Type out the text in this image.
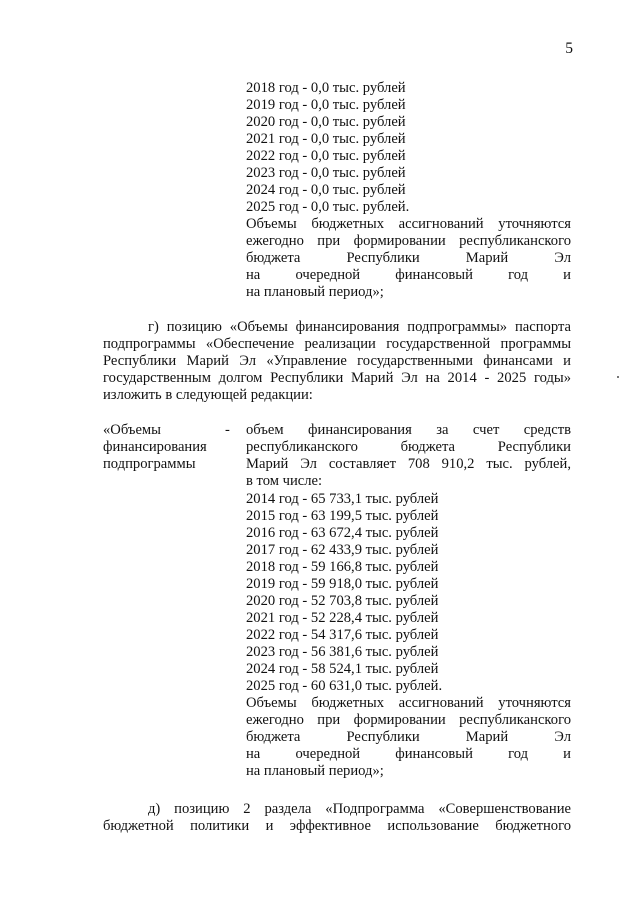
5
2018 год - 0,0 тыс. рублей
2019 год - 0,0 тыс. рублей
2020 год - 0,0 тыс. рублей
2021 год - 0,0 тыс. рублей
2022 год - 0,0 тыс. рублей
2023 год - 0,0 тыс. рублей
2024 год - 0,0 тыс. рублей
2025 год - 0,0 тыс. рублей.
Объемы бюджетных ассигнований уточняются
ежегодно при формировании республиканского
бюджета Республики Марий Эл
на очередной финансовый год и
на плановый период»;
г) позицию «Объемы финансирования подпрограммы» паспорта
подпрограммы «Обеспечение реализации государственной программы
Республики Марий Эл «Управление государственными финансами и
государственным долгом Республики Марий Эл на 2014 - 2025 годы»
изложить в следующей редакции:
«Объемы
финансирования
подпрограммы
- объем финансирования за счет средств
республиканского бюджета Республики
Марий Эл составляет 708 910,2 тыс. рублей,
в том числе:
2014 год - 65 733,1 тыс. рублей
2015 год - 63 199,5 тыс. рублей
2016 год - 63 672,4 тыс. рублей
2017 год - 62 433,9 тыс. рублей
2018 год - 59 166,8 тыс. рублей
2019 год - 59 918,0 тыс. рублей
2020 год - 52 703,8 тыс. рублей
2021 год - 52 228,4 тыс. рублей
2022 год - 54 317,6 тыс. рублей
2023 год - 56 381,6 тыс. рублей
2024 год - 58 524,1 тыс. рублей
2025 год - 60 631,0 тыс. рублей.
Объемы бюджетных ассигнований уточняются
ежегодно при формировании республиканского
бюджета Республики Марий Эл
на очередной финансовый год и
на плановый период»;
д) позицию 2 раздела «Подпрограмма «Совершенствование
бюджетной политики и эффективное использование бюджетного
